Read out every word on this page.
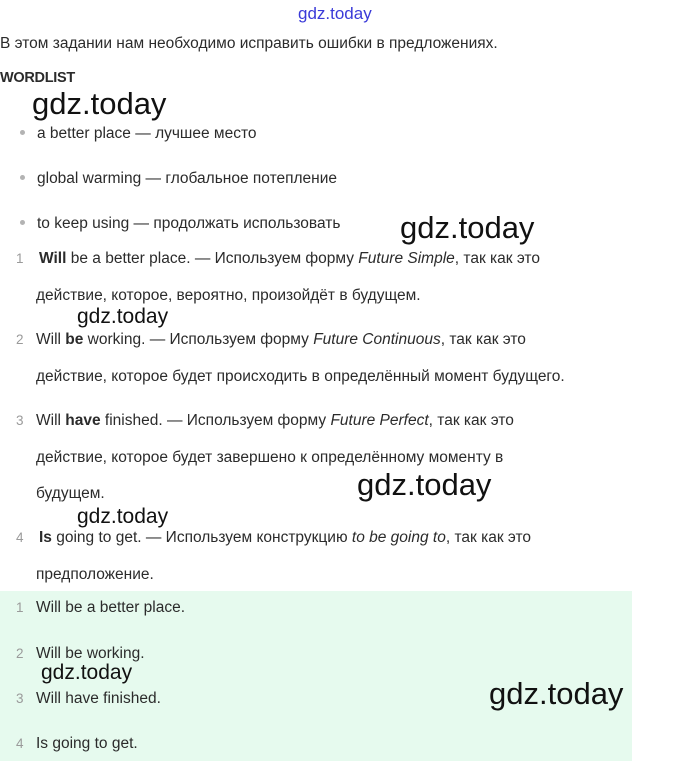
gdz.today
В этом задании нам необходимо исправить ошибки в предложениях.
WORDLIST
gdz.today
a better place — лучшее место
global warming — глобальное потепление
to keep using — продолжать использовать gdz.today
1 Will be a better place. — Используем форму Future Simple, так как это
действие, которое, вероятно, произойдёт в будущем.
gdz.today
2 Will be working. — Используем форму Future Continuous, так как это
действие, которое будет происходить в определённый момент будущего.
3 Will have finished. — Используем форму Future Perfect, так как это
действие, которое будет завершено к определённому моменту в
будущем.	gdz.today
gdz.today
4 Is going to get. — Используем конструкцию to be going to, так как это
предположение.
1 Will be a better place.
2 Will be working.
3 Will have finished.
4 Is going to get.
gdz.today
gdz.today
